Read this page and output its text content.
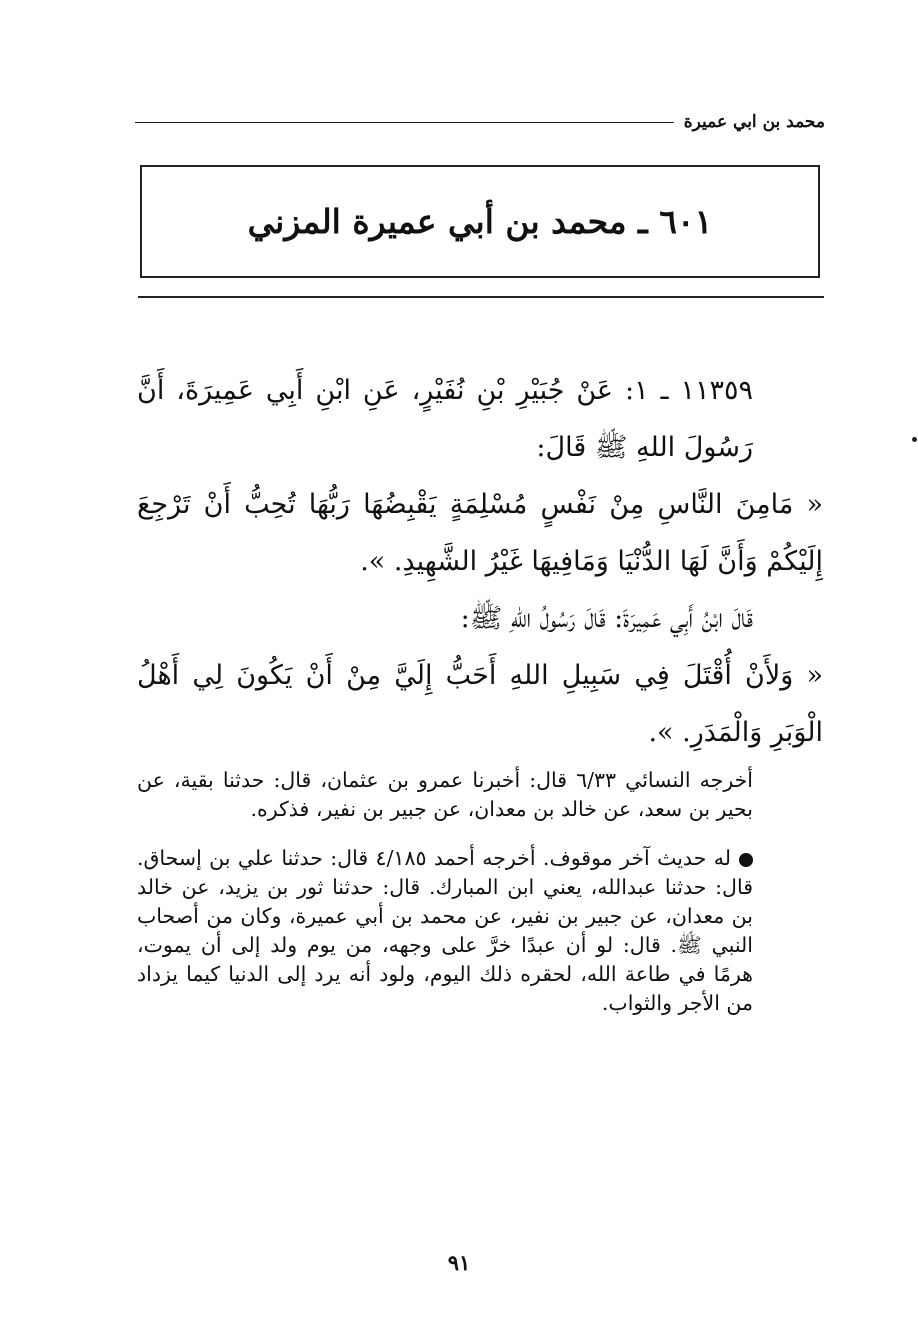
محمد بن ابي عميرة
٦٠١ ـ محمد بن أبي عميرة المزني

١١٣٥٩ ـ ١: عَنْ جُبَيْرِ بْنِ نُفَيْرٍ، عَنِ ابْنِ أَبِي عَمِيرَةَ، أَنَّ رَسُولَ اللهِ ﷺ قَالَ:

« مَامِنَ النَّاسِ مِنْ نَفْسٍ مُسْلِمَةٍ يَقْبِضُهَا رَبُّهَا تُحِبُّ أَنْ تَرْجِعَ إِلَيْكُمْ وَأَنَّ لَهَا الدُّنْيَا وَمَافِيهَا غَيْرُ الشَّهِيدِ. ».

قَالَ ابْنُ أَبِي عَمِيرَةَ: قَالَ رَسُولُ اللهِ ﷺ:

« وَلأَنْ أُقْتَلَ فِي سَبِيلِ اللهِ أَحَبُّ إِلَيَّ مِنْ أَنْ يَكُونَ لِي أَهْلُ الْوَبَرِ وَالْمَدَرِ. ».

أخرجه النسائي ٦/٣٣ قال: أخبرنا عمرو بن عثمان، قال: حدثنا بقية، عن بحير بن سعد، عن خالد بن معدان، عن جبير بن نفير، فذكره.

له حديث آخر موقوف. أخرجه أحمد ٤/١٨٥ قال: حدثنا علي بن إسحاق. قال: حدثنا عبدالله، يعني ابن المبارك. قال: حدثنا ثور بن يزيد، عن خالد بن معدان، عن جبير بن نفير، عن محمد بن أبي عميرة، وكان من أصحاب النبي ﷺ. قال: لو أن عبدًا خرَّ على وجهه، من يوم ولد إلى أن يموت، هرمًا في طاعة الله، لحقره ذلك اليوم، ولود أنه يرد إلى الدنيا كيما يزداد من الأجر والثواب.

٩١
